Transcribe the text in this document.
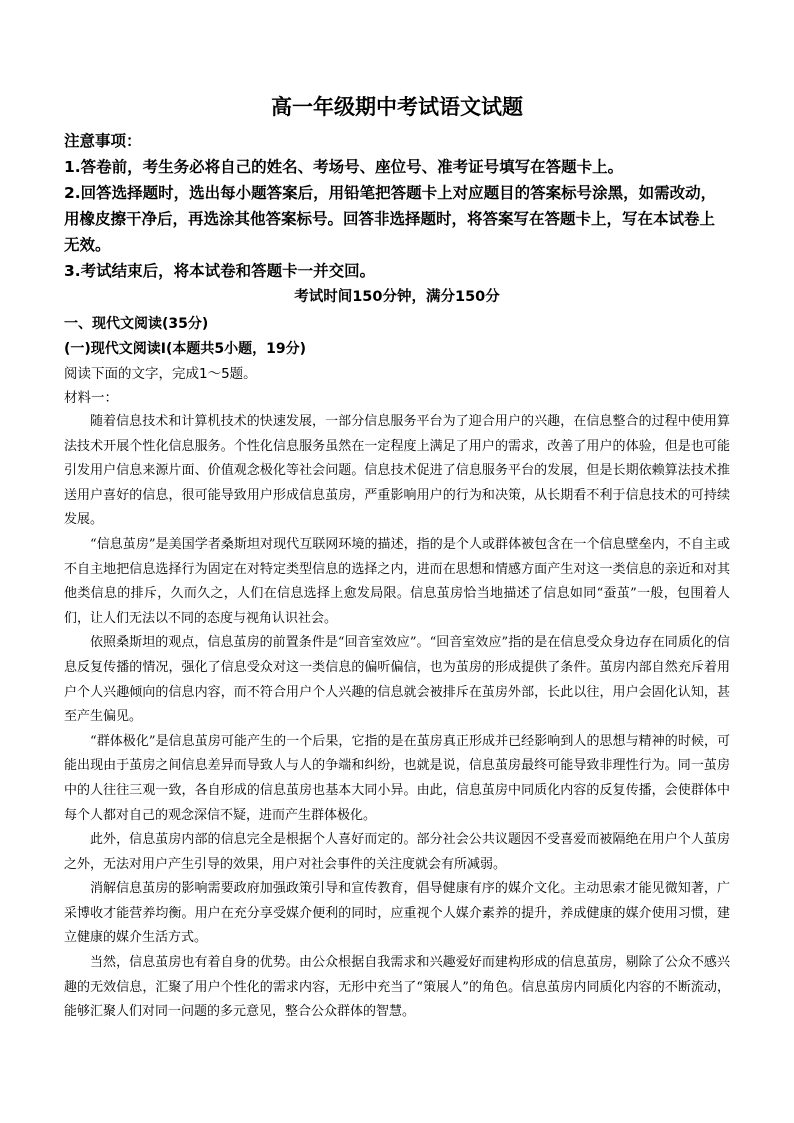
高一年级期中考试语文试题

注意事项：

1.答卷前，考生务必将自己的姓名、考场号、座位号、准考证号填写在答题卡上。

2.回答选择题时，选出每小题答案后，用铅笔把答题卡上对应题目的答案标号涂黑，如需改动，用橡皮擦干净后，再选涂其他答案标号。回答非选择题时，将答案写在答题卡上，写在本试卷上无效。

3.考试结束后，将本试卷和答题卡一并交回。

考试时间150分钟，满分150分
一、现代文阅读(35分)
(一)现代文阅读Ⅰ(本题共5小题，19分)
阅读下面的文字，完成1～5题。
材料一：

随着信息技术和计算机技术的快速发展，一部分信息服务平台为了迎合用户的兴趣，在信息整合的过程中使用算法技术开展个性化信息服务。个性化信息服务虽然在一定程度上满足了用户的需求，改善了用户的体验，但是也可能引发用户信息来源片面、价值观念极化等社会问题。信息技术促进了信息服务平台的发展，但是长期依赖算法技术推送用户喜好的信息，很可能导致用户形成信息茧房，严重影响用户的行为和决策，从长期看不利于信息技术的可持续发展。

“信息茧房”是美国学者桑斯坦对现代互联网环境的描述，指的是个人或群体被包含在一个信息壁垒内，不自主或不自主地把信息选择行为固定在对特定类型信息的选择之内，进而在思想和情感方面产生对这一类信息的亲近和对其他类信息的排斥，久而久之，人们在信息选择上愈发局限。信息茧房恰当地描述了信息如同“蚕茧”一般，包围着人们，让人们无法以不同的态度与视角认识社会。

依照桑斯坦的观点，信息茧房的前置条件是“回音室效应”。“回音室效应”指的是在信息受众身边存在同质化的信息反复传播的情况，强化了信息受众对这一类信息的偏听偏信，也为茧房的形成提供了条件。茧房内部自然充斥着用户个人兴趣倾向的信息内容，而不符合用户个人兴趣的信息就会被排斥在茧房外部，长此以往，用户会固化认知，甚至产生偏见。

“群体极化”是信息茧房可能产生的一个后果，它指的是在茧房真正形成并已经影响到人的思想与精神的时候，可能出现由于茧房之间信息差异而导致人与人的争端和纠纷，也就是说，信息茧房最终可能导致非理性行为。同一茧房中的人往往三观一致，各自形成的信息茧房也基本大同小异。由此，信息茧房中同质化内容的反复传播，会使群体中每个人都对自己的观念深信不疑，进而产生群体极化。

此外，信息茧房内部的信息完全是根据个人喜好而定的。部分社会公共议题因不受喜爱而被隔绝在用户个人茧房之外，无法对用户产生引导的效果，用户对社会事件的关注度就会有所减弱。

消解信息茧房的影响需要政府加强政策引导和宣传教育，倡导健康有序的媒介文化。主动思索才能见微知著，广采博收才能营养均衡。用户在充分享受媒介便利的同时，应重视个人媒介素养的提升，养成健康的媒介使用习惯，建立健康的媒介生活方式。

当然，信息茧房也有着自身的优势。由公众根据自我需求和兴趣爱好而建构形成的信息茧房，剔除了公众不感兴趣的无效信息，汇聚了用户个性化的需求内容，无形中充当了“策展人”的角色。信息茧房内同质化内容的不断流动，能够汇聚人们对同一问题的多元意见，整合公众群体的智慧。
